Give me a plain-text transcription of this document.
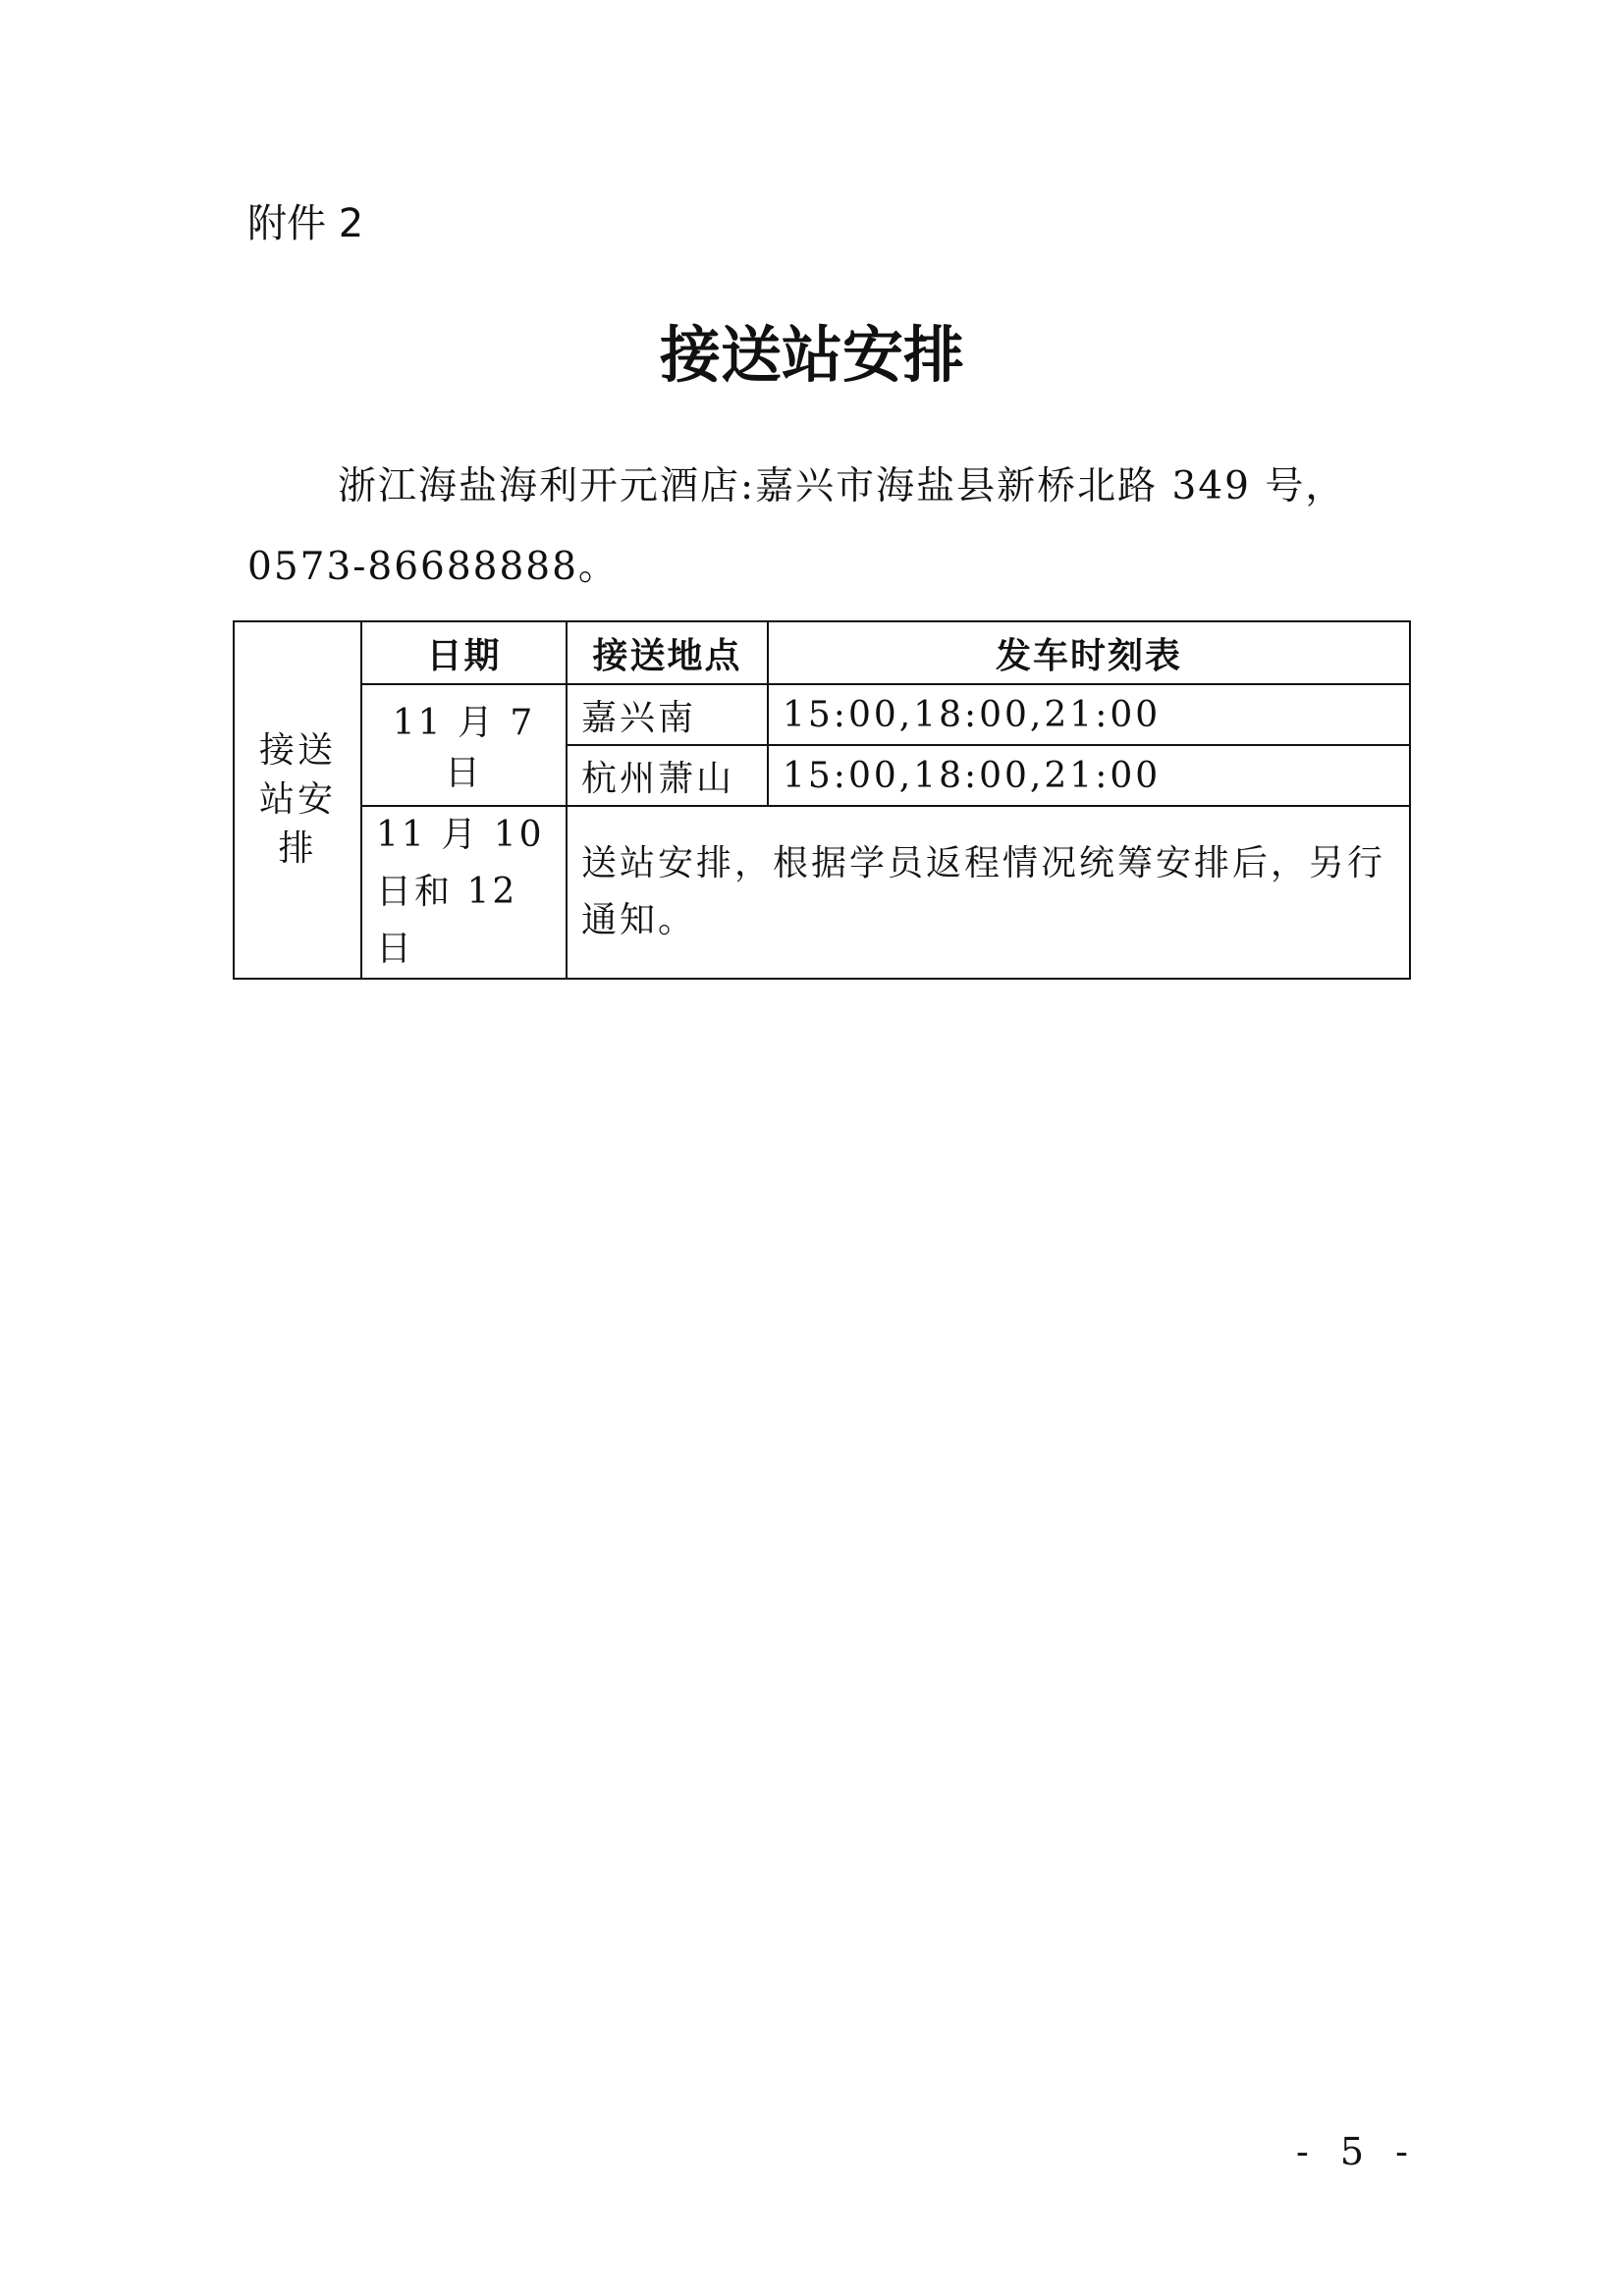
附件 2
接送站安排
浙江海盐海利开元酒店:嘉兴市海盐县新桥北路 349 号，0573-86688888。
接送站安排	日期	接送地点	发车时刻表
	11 月 7 日	嘉兴南	15:00,18:00,21:00
		杭州萧山	15:00,18:00,21:00
	11 月 10 日和 12 日	送站安排，根据学员返程情况统筹安排后，另行通知。	
- 5 -
